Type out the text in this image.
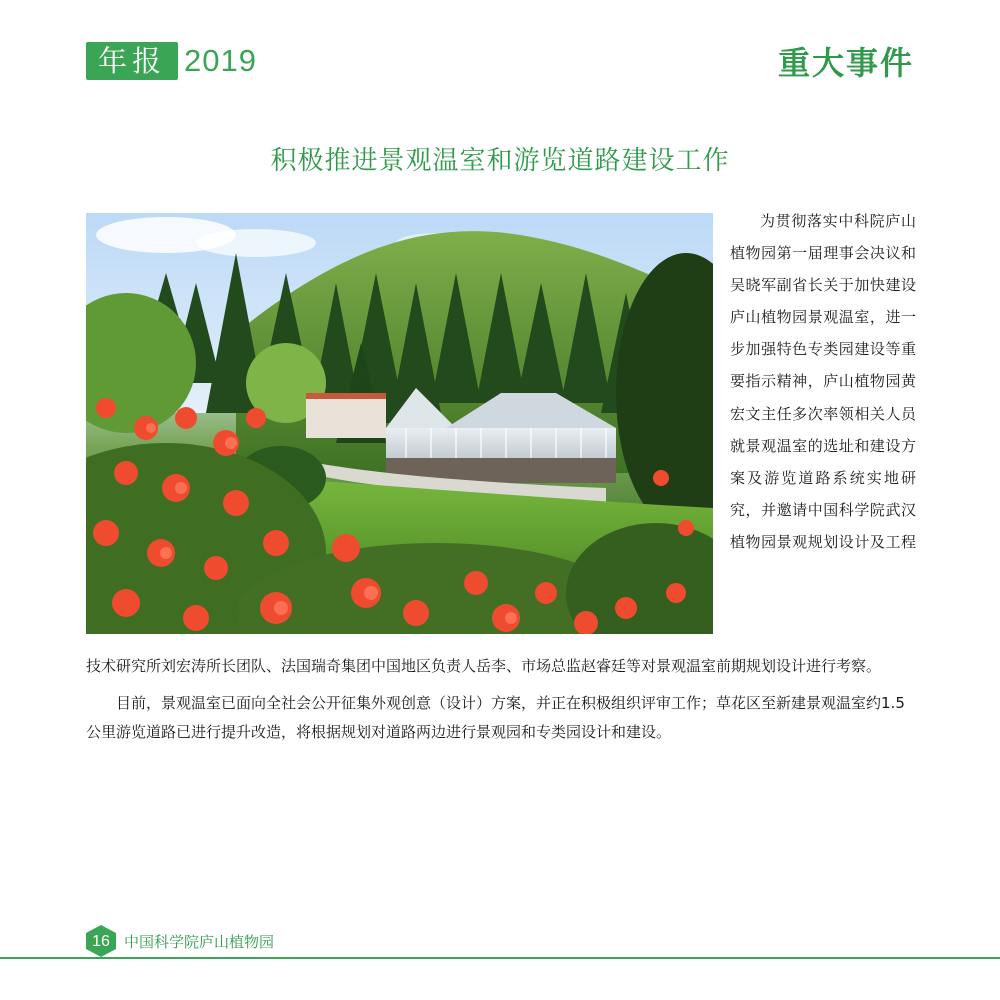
年报 2019	重大事件
积极推进景观温室和游览道路建设工作

为贯彻落实中科院庐山植物园第一届理事会决议和吴晓军副省长关于加快建设庐山植物园景观温室，进一步加强特色专类园建设等重要指示精神，庐山植物园黄宏文主任多次率领相关人员就景观温室的选址和建设方案及游览道路系统实地研究，并邀请中国科学院武汉植物园景观规划设计及工程

技术研究所刘宏涛所长团队、法国瑞奇集团中国地区负责人岳李、市场总监赵睿廷等对景观温室前期规划设计进行考察。

目前，景观温室已面向全社会公开征集外观创意（设计）方案，并正在积极组织评审工作；草花区至新建景观温室约1.5 公里游览道路已进行提升改造，将根据规划对道路两边进行景观园和专类园设计和建设。

16 中国科学院庐山植物园
